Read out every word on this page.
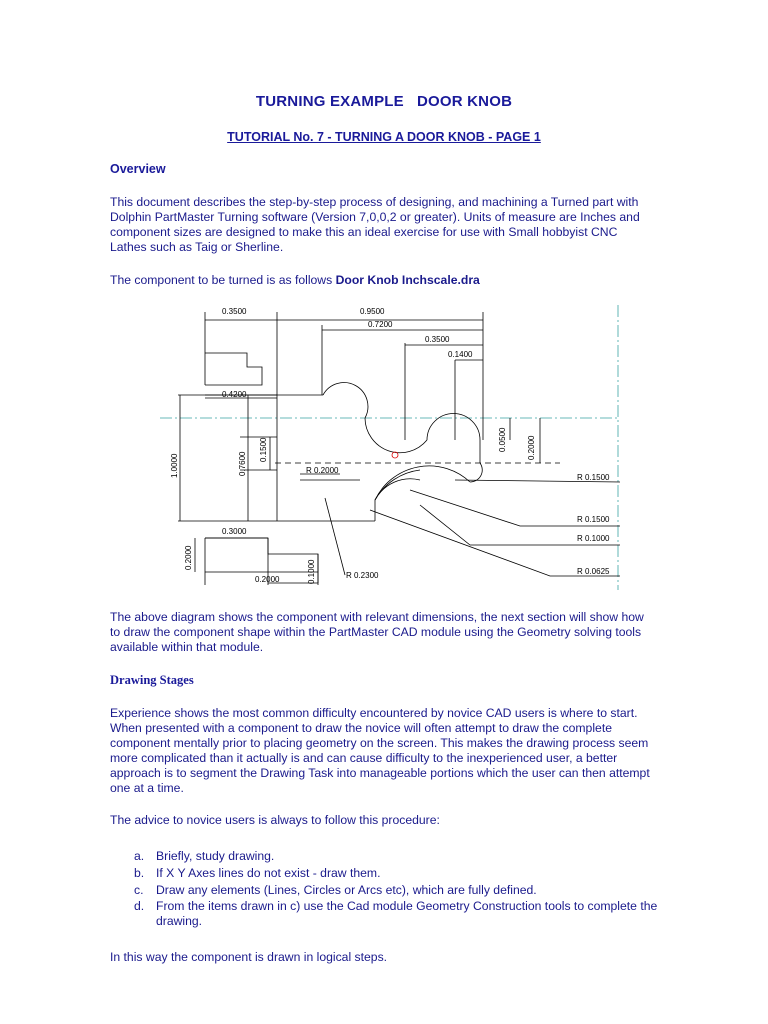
TURNING EXAMPLE   DOOR KNOB
TUTORIAL No. 7 - TURNING A DOOR KNOB - PAGE 1
Overview

This document describes the step-by-step process of designing, and machining a Turned part with Dolphin PartMaster Turning software (Version 7,0,0,2 or greater). Units of measure are Inches and component sizes are designed to make this an ideal exercise for use with Small hobbyist CNC Lathes such as Taig or Sherline.

The component to be turned is as follows Door Knob Inchscale.dra

0.3500	0.9500
0.7200
0.3500
0.1400
0.4200
0.3000
0.2000
1.0000	0.7600
0.1500	0.0500	0.2000
0.2000
0.1000
R 0.2000
R 0.2300
R 0.1500
R 0.1500
R 0.1000
R 0.0625

The above diagram shows the component with relevant dimensions, the next section will show how to draw the component shape within the PartMaster CAD module using the Geometry solving tools available within that module.

Drawing Stages

Experience shows the most common difficulty encountered by novice CAD users is where to start. When presented with a component to draw the novice will often attempt to draw the complete component mentally prior to placing geometry on the screen. This makes the drawing process seem more complicated than it actually is and can cause difficulty to the inexperienced user, a better approach is to segment the Drawing Task into manageable portions which the user can then attempt one at a time.

The advice to novice users is always to follow this procedure:

a. Briefly, study drawing.
b. If X Y Axes lines do not exist - draw them.
c. Draw any elements (Lines, Circles or Arcs etc), which are fully defined.
d. From the items drawn in c) use the Cad module Geometry Construction tools to complete the drawing.

In this way the component is drawn in logical steps.
